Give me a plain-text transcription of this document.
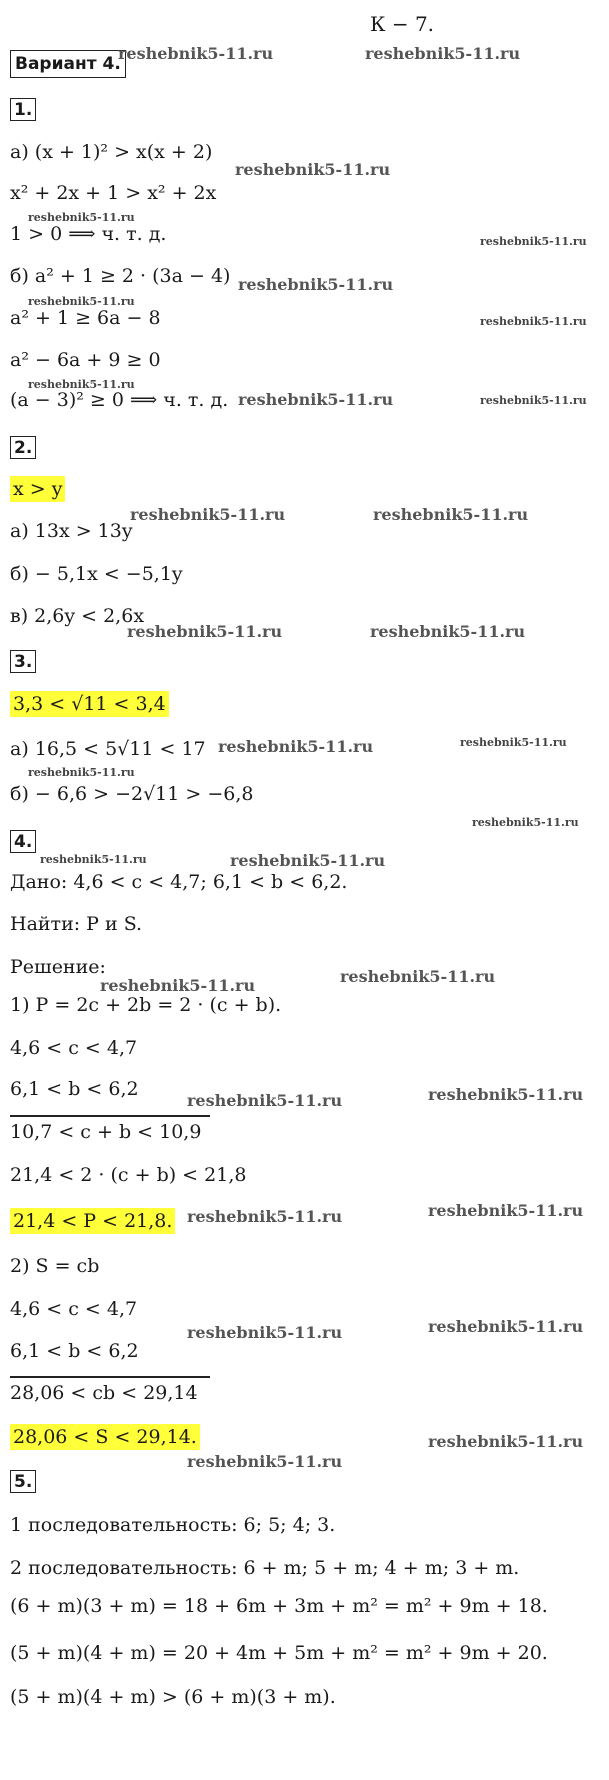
К − 7.
Вариант 4.
1.
а) (x + 1)² > x(x + 2)
x² + 2x + 1 > x² + 2x
1 > 0 ⟹ ч. т. д.
б) a² + 1 ≥ 2 · (3a − 4)
a² + 1 ≥ 6a − 8
a² − 6a + 9 ≥ 0
(a − 3)² ≥ 0 ⟹ ч. т. д.
2.
x > y
а) 13x > 13y
б) − 5,1x < −5,1y
в) 2,6y < 2,6x
3.
3,3 < √11 < 3,4
а) 16,5 < 5√11 < 17
б) − 6,6 > −2√11 > −6,8
4.
Дано: 4,6 < c < 4,7; 6,1 < b < 6,2.
Найти: P и S.
Решение:
1) P = 2c + 2b = 2 · (c + b).
4,6 < c < 4,7
6,1 < b < 6,2
10,7 < c + b < 10,9
21,4 < 2 · (c + b) < 21,8
21,4 < P < 21,8.
2) S = cb
4,6 < c < 4,7
6,1 < b < 6,2
28,06 < cb < 29,14
28,06 < S < 29,14.
5.
1 последовательность: 6; 5; 4; 3.
2 последовательность: 6 + m; 5 + m; 4 + m; 3 + m.
(6 + m)(3 + m) = 18 + 6m + 3m + m² = m² + 9m + 18.
(5 + m)(4 + m) = 20 + 4m + 5m + m² = m² + 9m + 20.
(5 + m)(4 + m) > (6 + m)(3 + m).
reshebnik5-11.ru	reshebnik5-11.ru
reshebnik5-11.ru
reshebnik5-11.ru
reshebnik5-11.ru
reshebnik5-11.ru
reshebnik5-11.ru
reshebnik5-11.ru
reshebnik5-11.ru
reshebnik5-11.ru	reshebnik5-11.ru
reshebnik5-11.ru	reshebnik5-11.ru
reshebnik5-11.ru	reshebnik5-11.ru
reshebnik5-11.ru	reshebnik5-11.ru
reshebnik5-11.ru
reshebnik5-11.ru
reshebnik5-11.ru	reshebnik5-11.ru
reshebnik5-11.ru	reshebnik5-11.ru
reshebnik5-11.ru	reshebnik5-11.ru
reshebnik5-11.ru	reshebnik5-11.ru
reshebnik5-11.ru	reshebnik5-11.ru
reshebnik5-11.ru
reshebnik5-11.ru
